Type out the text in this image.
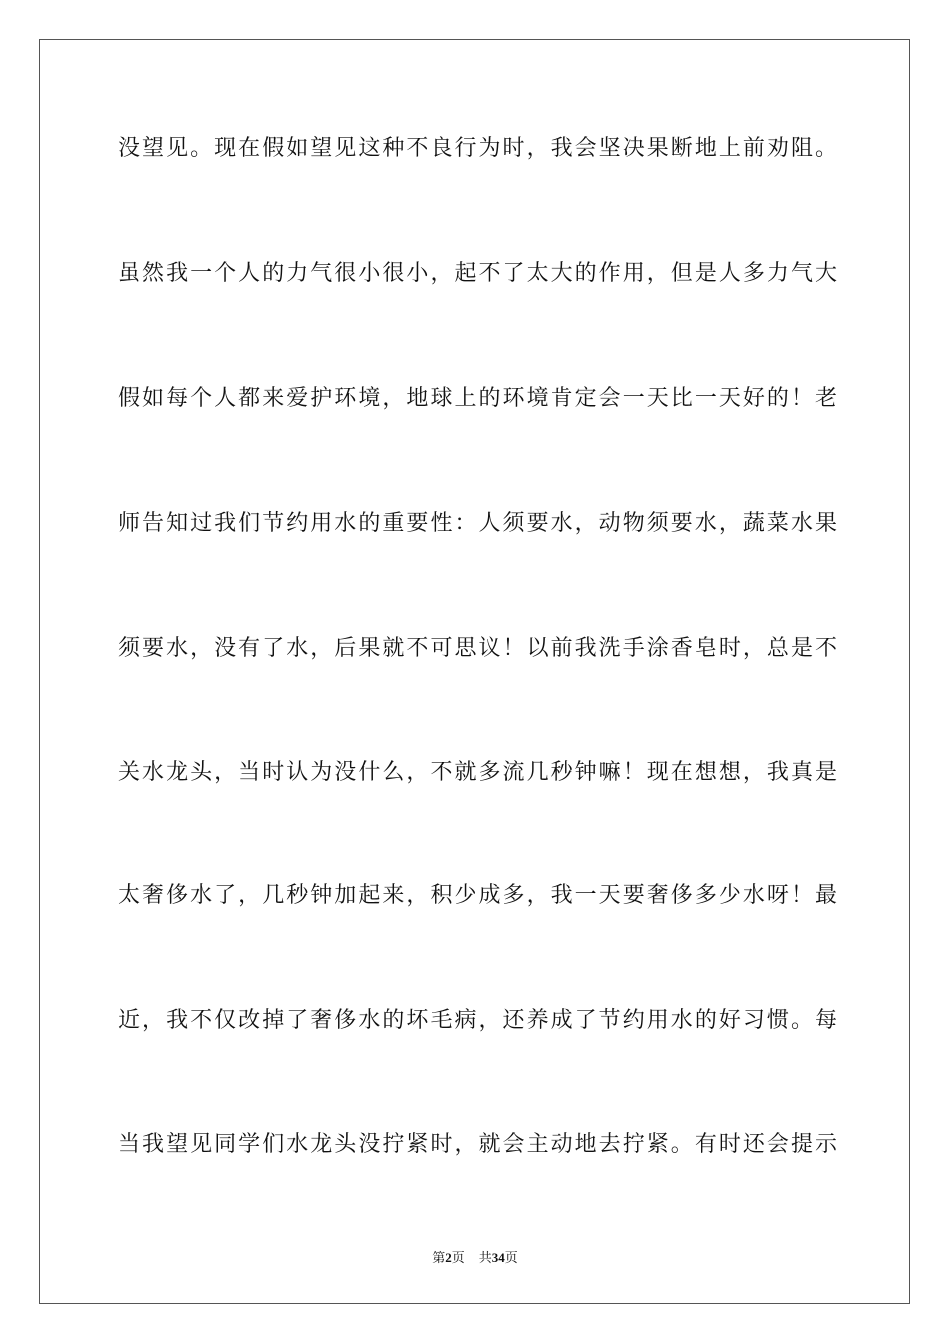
没望见。现在假如望见这种不良行为时，我会坚决果断地上前劝阻。
虽然我一个人的力气很小很小，起不了太大的作用，但是人多力气大
假如每个人都来爱护环境，地球上的环境肯定会一天比一天好的！老
师告知过我们节约用水的重要性：人须要水，动物须要水，蔬菜水果
须要水，没有了水，后果就不可思议！以前我洗手涂香皂时，总是不
关水龙头，当时认为没什么，不就多流几秒钟嘛！现在想想，我真是
太奢侈水了，几秒钟加起来，积少成多，我一天要奢侈多少水呀！最
近，我不仅改掉了奢侈水的坏毛病，还养成了节约用水的好习惯。每
当我望见同学们水龙头没拧紧时，就会主动地去拧紧。有时还会提示
第2页 共34页
